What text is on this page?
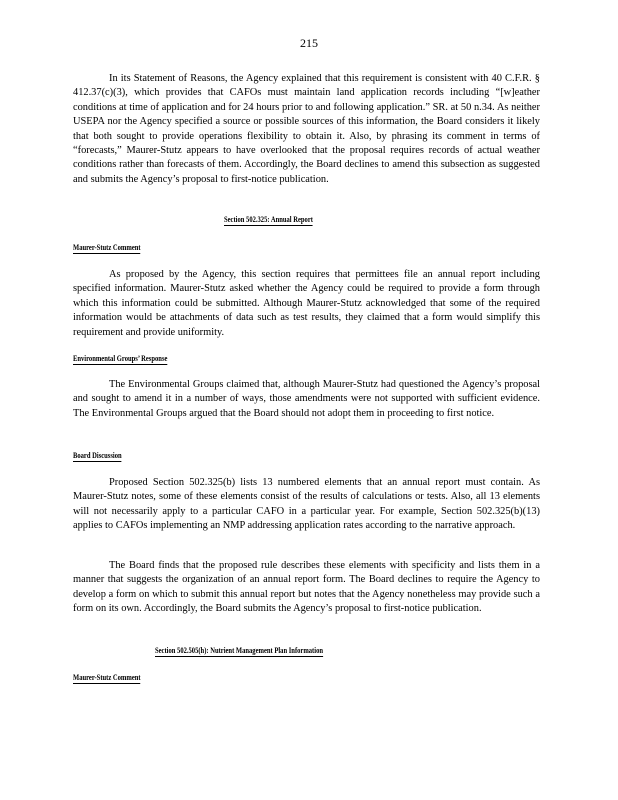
215

In its Statement of Reasons, the Agency explained that this requirement is consistent with 40 C.F.R. § 412.37(c)(3), which provides that CAFOs must maintain land application records including “[w]eather conditions at time of application and for 24 hours prior to and following application.” SR. at 50 n.34. As neither USEPA nor the Agency specified a source or possible sources of this information, the Board considers it likely that both sought to provide operations flexibility to obtain it. Also, by phrasing its comment in terms of “forecasts,” Maurer-Stutz appears to have overlooked that the proposal requires records of actual weather conditions rather than forecasts of them. Accordingly, the Board declines to amend this subsection as suggested and submits the Agency’s proposal to first-notice publication.

Section 502.325: Annual Report
Maurer-Stutz Comment

As proposed by the Agency, this section requires that permittees file an annual report including specified information. Maurer-Stutz asked whether the Agency could be required to provide a form through which this information could be submitted. Although Maurer-Stutz acknowledged that some of the required information would be attachments of data such as test results, they claimed that a form would simplify this requirement and provide uniformity.

Environmental Groups’ Response

The Environmental Groups claimed that, although Maurer-Stutz had questioned the Agency’s proposal and sought to amend it in a number of ways, those amendments were not supported with sufficient evidence. The Environmental Groups argued that the Board should not adopt them in proceeding to first notice.

Board Discussion

Proposed Section 502.325(b) lists 13 numbered elements that an annual report must contain. As Maurer-Stutz notes, some of these elements consist of the results of calculations or tests. Also, all 13 elements will not necessarily apply to a particular CAFO in a particular year. For example, Section 502.325(b)(13) applies to CAFOs implementing an NMP addressing application rates according to the narrative approach.

The Board finds that the proposed rule describes these elements with specificity and lists them in a manner that suggests the organization of an annual report form. The Board declines to require the Agency to develop a form on which to submit this annual report but notes that the Agency nonetheless may provide such a form on its own. Accordingly, the Board submits the Agency’s proposal to first-notice publication.

Section 502.505(h): Nutrient Management Plan Information
Maurer-Stutz Comment
